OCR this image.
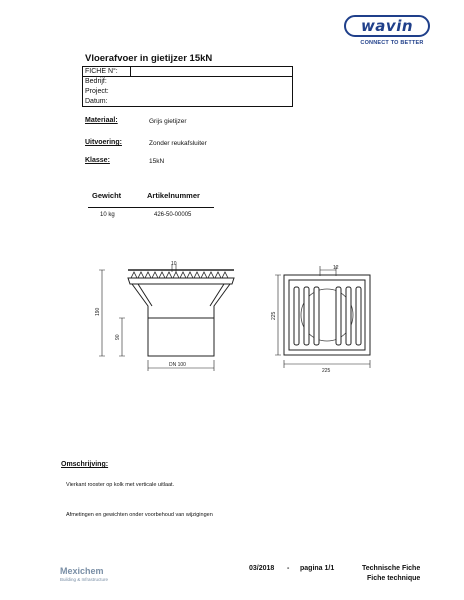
wavin
CONNECT TO BETTER
Vloerafvoer in gietijzer 15kN
FICHE N°:
Bedrijf:
Project:
Datum:
Materiaal:	Grijs gietijzer
Uitvoering:	Zonder reukafsluiter
Klasse:	15kN
Gewicht	Artikelnummer
10 kg	426-50-00005
10
190
90
DN 100
12
225
225
Omschrijving:
Vierkant rooster op kolk met verticale uitlaat.
Afmetingen en gewichten onder voorbehoud van wijzigingen
Mexichem
Building & Infrastructure
03/2018 - pagina 1/1	Technische Fiche
Fiche technique
